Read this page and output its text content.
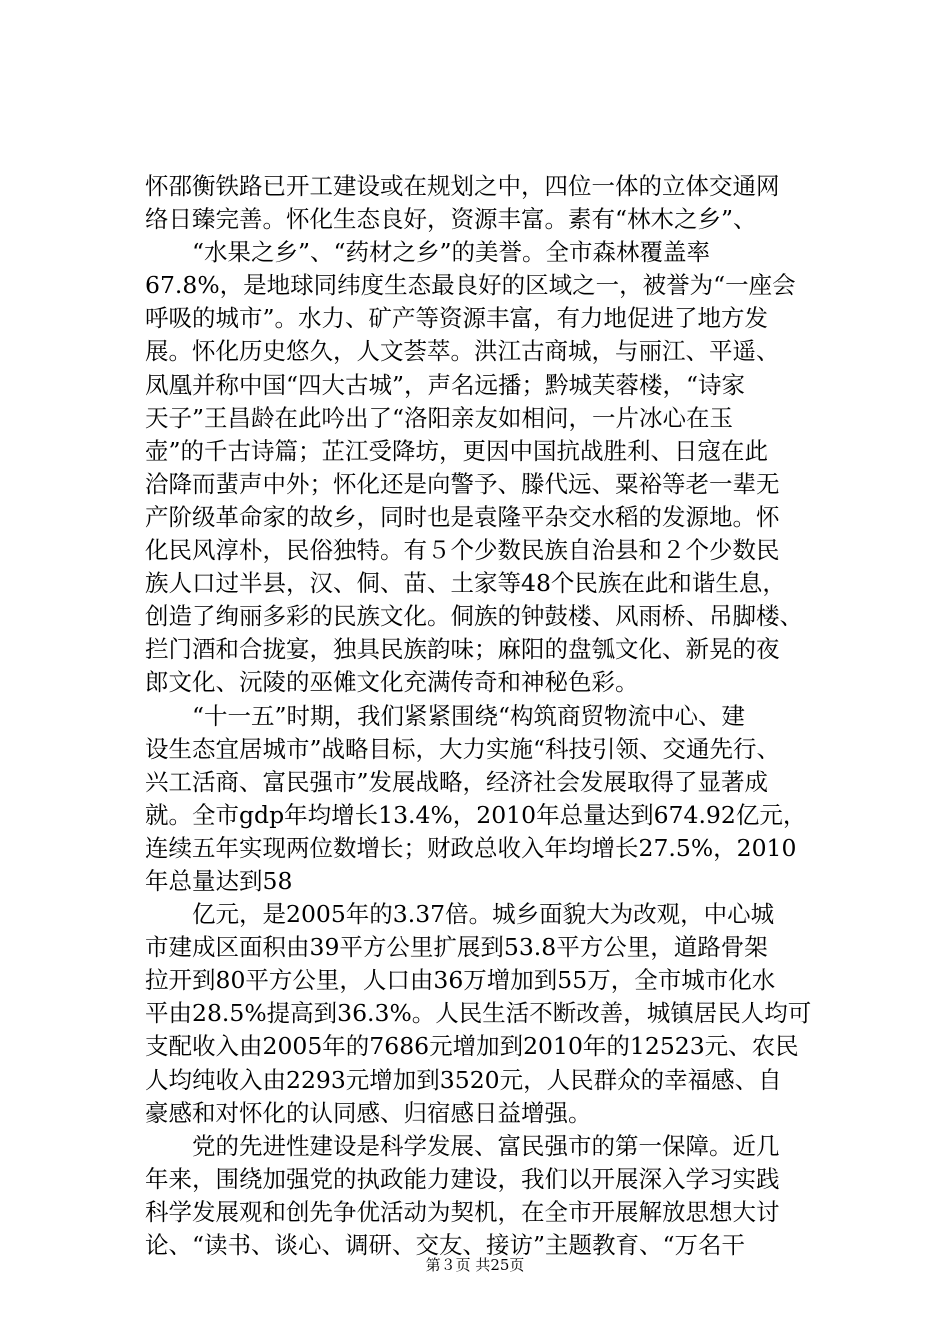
怀邵衡铁路已开工建设或在规划之中，四位一体的立体交通网
络日臻完善。怀化生态良好，资源丰富。素有“林木之乡”、
“水果之乡”、“药材之乡”的美誉。全市森林覆盖率
67.8%，是地球同纬度生态最良好的区域之一，被誉为“一座会
呼吸的城市”。水力、矿产等资源丰富，有力地促进了地方发
展。怀化历史悠久，人文荟萃。洪江古商城，与丽江、平遥、
凤凰并称中国“四大古城”，声名远播；黔城芙蓉楼，“诗家
天子”王昌龄在此吟出了“洛阳亲友如相问，一片冰心在玉
壶”的千古诗篇；芷江受降坊，更因中国抗战胜利、日寇在此
洽降而蜚声中外；怀化还是向警予、滕代远、粟裕等老一辈无
产阶级革命家的故乡，同时也是袁隆平杂交水稻的发源地。怀
化民风淳朴，民俗独特。有５个少数民族自治县和２个少数民
族人口过半县，汉、侗、苗、土家等48个民族在此和谐生息，
创造了绚丽多彩的民族文化。侗族的钟鼓楼、风雨桥、吊脚楼、
拦门酒和合拢宴，独具民族韵味；麻阳的盘瓠文化、新晃的夜
郎文化、沅陵的巫傩文化充满传奇和神秘色彩。
“十一五”时期，我们紧紧围绕“构筑商贸物流中心、建
设生态宜居城市”战略目标，大力实施“科技引领、交通先行、
兴工活商、富民强市”发展战略，经济社会发展取得了显著成
就。全市gdp年均增长13.4%，2010年总量达到674.92亿元，
连续五年实现两位数增长；财政总收入年均增长27.5%，2010
年总量达到58
亿元，是2005年的3.37倍。城乡面貌大为改观，中心城
市建成区面积由39平方公里扩展到53.8平方公里，道路骨架
拉开到80平方公里，人口由36万增加到55万，全市城市化水
平由28.5%提高到36.3%。人民生活不断改善，城镇居民人均可
支配收入由2005年的7686元增加到2010年的12523元、农民
人均纯收入由2293元增加到3520元，人民群众的幸福感、自
豪感和对怀化的认同感、归宿感日益增强。
党的先进性建设是科学发展、富民强市的第一保障。近几
年来，围绕加强党的执政能力建设，我们以开展深入学习实践
科学发展观和创先争优活动为契机，在全市开展解放思想大讨
论、“读书、谈心、调研、交友、接访”主题教育、“万名干
第３页 共25页
